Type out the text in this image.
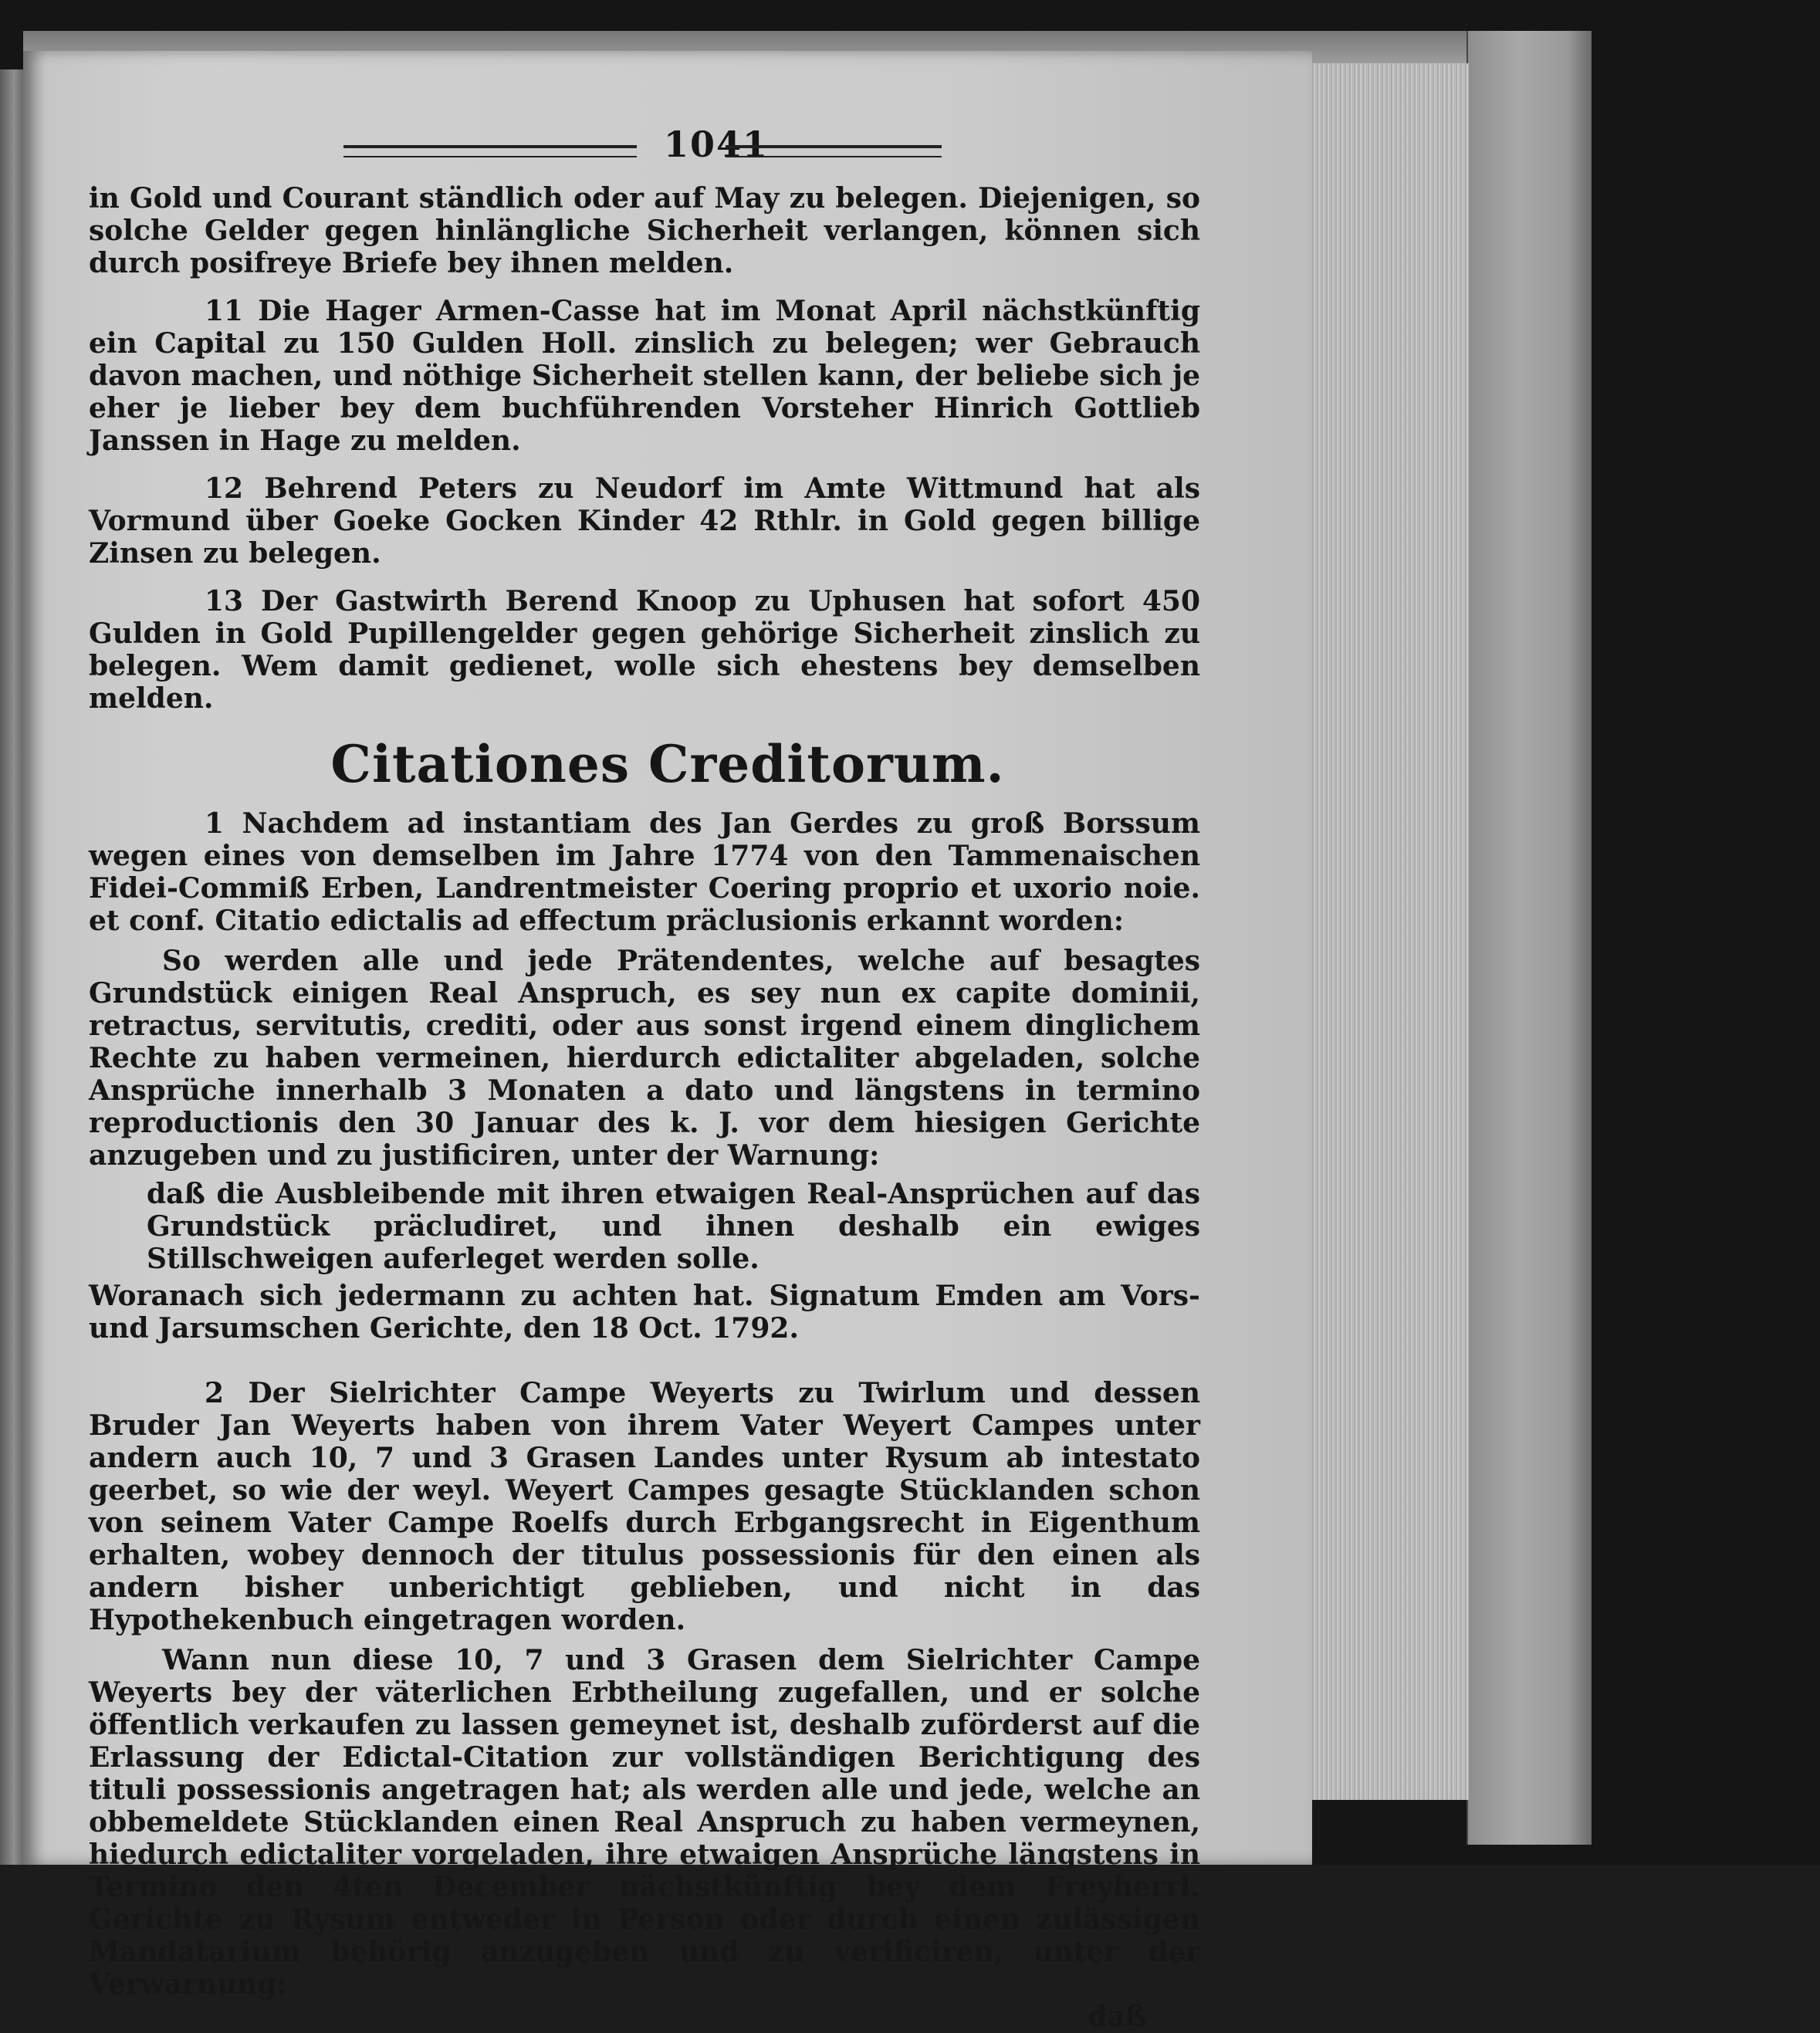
1041

in Gold und Courant ständlich oder auf May zu belegen. Diejenigen, so solche Gelder gegen hinlängliche Sicherheit verlangen, können sich durch posifreye Briefe bey ihnen melden.

11 Die Hager Armen-Casse hat im Monat April nächstkünftig ein Capital zu 150 Gulden Holl. zinslich zu belegen; wer Gebrauch davon machen, und nöthige Sicherheit stellen kann, der beliebe sich je eher je lieber bey dem buchführenden Vorsteher Hinrich Gottlieb Janssen in Hage zu melden.

12 Behrend Peters zu Neudorf im Amte Wittmund hat als Vormund über Goeke Gocken Kinder 42 Rthlr. in Gold gegen billige Zinsen zu belegen.

13 Der Gastwirth Berend Knoop zu Uphusen hat sofort 450 Gulden in Gold Pupillengelder gegen gehörige Sicherheit zinslich zu belegen. Wem damit gedienet, wolle sich ehestens bey demselben melden.

Citationes Creditorum.

1 Nachdem ad instantiam des Jan Gerdes zu groß Borssum wegen eines von demselben im Jahre 1774 von den Tammenaischen Fidei-Commiß Erben, Landrentmeister Coering proprio et uxorio noie. et conf. Citatio edictalis ad effectum präclusionis erkannt worden:

So werden alle und jede Prätendentes, welche auf besagtes Grundstück einigen Real Anspruch, es sey nun ex capite dominii, retractus, servitutis, crediti, oder aus sonst irgend einem dinglichem Rechte zu haben vermeinen, hierdurch edictaliter abgeladen, solche Ansprüche innerhalb 3 Monaten a dato und längstens in termino reproductionis den 30 Januar des k. J. vor dem hiesigen Gerichte anzugeben und zu justificiren, unter der Warnung:

daß die Ausbleibende mit ihren etwaigen Real-Ansprüchen auf das Grundstück präcludiret, und ihnen deshalb ein ewiges Stillschweigen auferleget werden solle.

Woranach sich jedermann zu achten hat. Signatum Emden am Vors- und Jarsumschen Gerichte, den 18 Oct. 1792.

2 Der Sielrichter Campe Weyerts zu Twirlum und dessen Bruder Jan Weyerts haben von ihrem Vater Weyert Campes unter andern auch 10, 7 und 3 Grasen Landes unter Rysum ab intestato geerbet, so wie der weyl. Weyert Campes gesagte Stücklanden schon von seinem Vater Campe Roelfs durch Erbgangsrecht in Eigenthum erhalten, wobey dennoch der titulus possessionis für den einen als andern bisher unberichtigt geblieben, und nicht in das Hypothekenbuch eingetragen worden.

Wann nun diese 10, 7 und 3 Grasen dem Sielrichter Campe Weyerts bey der väterlichen Erbtheilung zugefallen, und er solche öffentlich verkaufen zu lassen gemeynet ist, deshalb zuförderst auf die Erlassung der Edictal-Citation zur vollständigen Berichtigung des tituli possessionis angetragen hat; als werden alle und jede, welche an obbemeldete Stücklanden einen Real Anspruch zu haben vermeynen, hiedurch edictaliter vorgeladen, ihre etwaigen Ansprüche längstens in Termino den 4ten December nächstkünftig bey dem Freyherrl. Gerichte zu Rysum entweder in Person oder durch einen zulässigen Mandatarium behörig anzugeben und zu verificiren, unter der Verwarnung:

daß
